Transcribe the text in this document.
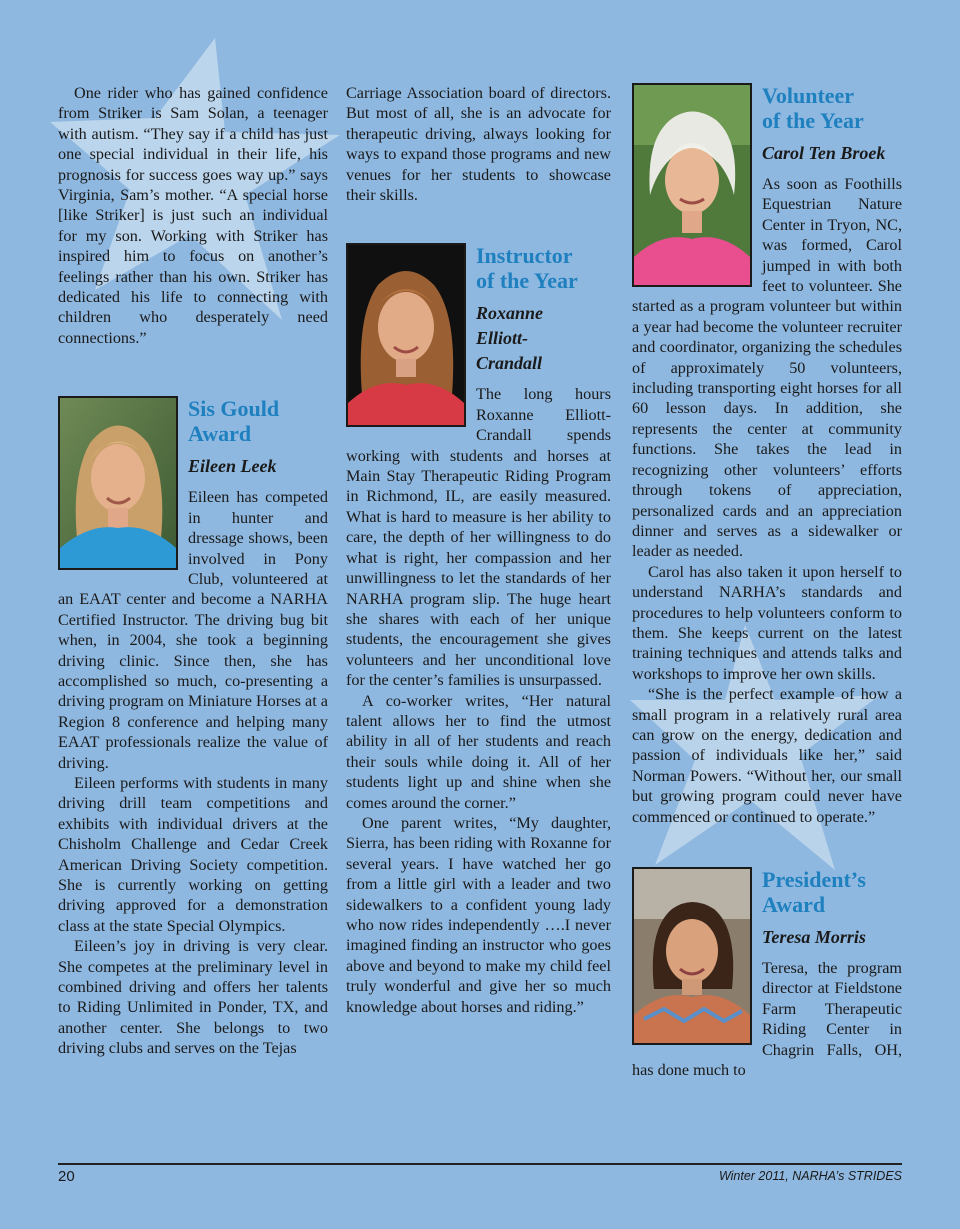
One rider who has gained confidence from Striker is Sam Solan, a teenager with autism. “They say if a child has just one special individual in their life, his prognosis for success goes way up.” says Virginia, Sam’s mother. “A special horse [like Striker] is just such an individual for my son. Working with Striker has inspired him to focus on another’s feelings rather than his own. Striker has dedicated his life to connecting with children who desperately need connections.”

Sis Gould
Award
Eileen Leek

Eileen has competed in hunter and dressage shows, been involved in Pony Club, volunteered at an EAAT center and become a NARHA Certified Instructor. The driving bug bit when, in 2004, she took a beginning driving clinic. Since then, she has accomplished so much, co-presenting a driving program on Miniature Horses at a Region 8 conference and helping many EAAT professionals realize the value of driving.

Eileen performs with students in many driving drill team competitions and exhibits with individual drivers at the Chisholm Challenge and Cedar Creek American Driving Society competition. She is currently working on getting driving approved for a demonstration class at the state Special Olympics.

Eileen’s joy in driving is very clear. She competes at the preliminary level in combined driving and offers her talents to Riding Unlimited in Ponder, TX, and another center. She belongs to two driving clubs and serves on the Tejas

Carriage Association board of directors. But most of all, she is an advocate for therapeutic driving, always looking for ways to expand those programs and new venues for her students to showcase their skills.

Instructor
of the Year
Roxanne
Elliott-
Crandall

The long hours Roxanne Elliott-Crandall spends working with students and horses at Main Stay Therapeutic Riding Program in Richmond, IL, are easily measured. What is hard to measure is her ability to care, the depth of her willingness to do what is right, her compassion and her unwillingness to let the standards of her NARHA program slip. The huge heart she shares with each of her unique students, the encouragement she gives volunteers and her unconditional love for the center’s families is unsurpassed.

A co-worker writes, “Her natural talent allows her to find the utmost ability in all of her students and reach their souls while doing it. All of her students light up and shine when she comes around the corner.”

One parent writes, “My daughter, Sierra, has been riding with Roxanne for several years. I have watched her go from a little girl with a leader and two sidewalkers to a confident young lady who now rides independently ….I never imagined finding an instructor who goes above and beyond to make my child feel truly wonderful and give her so much knowledge about horses and riding.”

Volunteer
of the Year
Carol Ten Broek

As soon as Foothills Equestrian Nature Center in Tryon, NC, was formed, Carol jumped in with both feet to volunteer. She started as a program volunteer but within a year had become the volunteer recruiter and coordinator, organizing the schedules of approximately 50 volunteers, including transporting eight horses for all 60 lesson days. In addition, she represents the center at community functions. She takes the lead in recognizing other volunteers’ efforts through tokens of appreciation, personalized cards and an appreciation dinner and serves as a sidewalker or leader as needed.

Carol has also taken it upon herself to understand NARHA’s standards and procedures to help volunteers conform to them. She keeps current on the latest training techniques and attends talks and workshops to improve her own skills.

“She is the perfect example of how a small program in a relatively rural area can grow on the energy, dedication and passion of individuals like her,” said Norman Powers. “Without her, our small but growing program could never have commenced or continued to operate.”

President’s
Award
Teresa Morris

Teresa, the program director at Fieldstone Farm Therapeutic Riding Center in Chagrin Falls, OH, has done much to

20	Winter 2011, NARHA’s STRIDES
